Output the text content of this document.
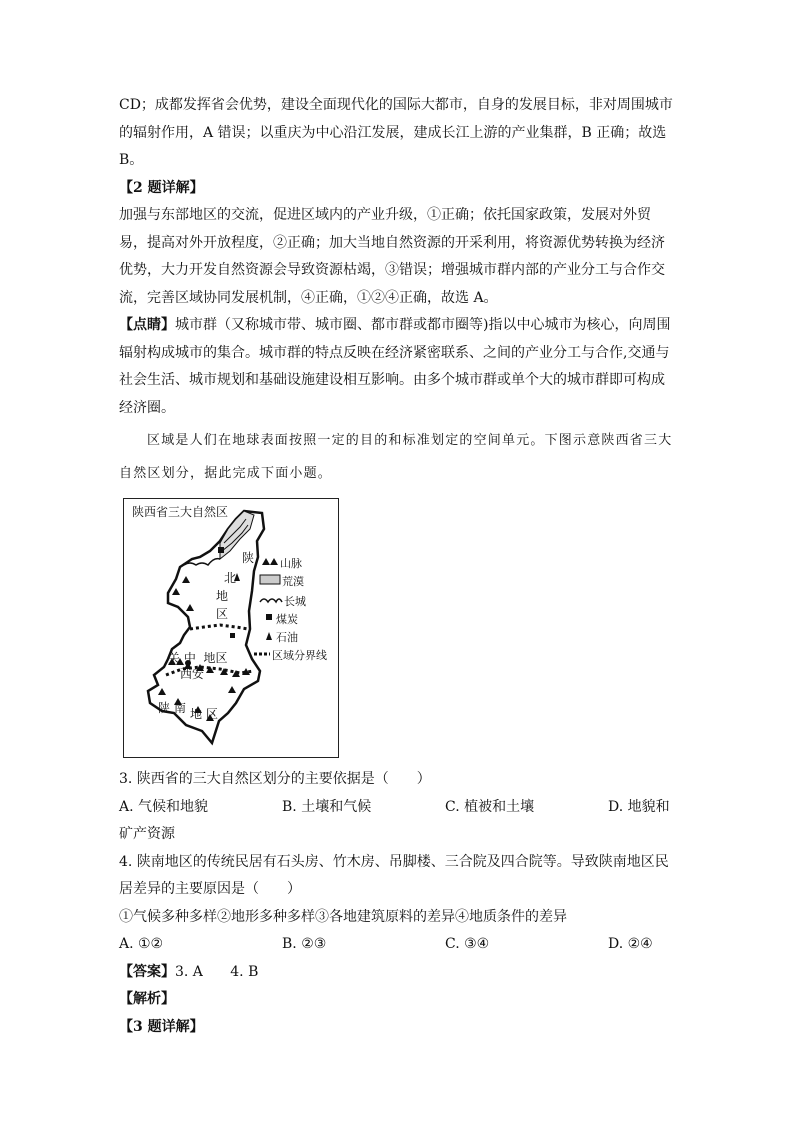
CD；成都发挥省会优势，建设全面现代化的国际大都市，自身的发展目标，非对周围城市

的辐射作用，A 错误；以重庆为中心沿江发展，建成长江上游的产业集群，B 正确；故选

B。

【2 题详解】

加强与东部地区的交流，促进区域内的产业升级，①正确；依托国家政策，发展对外贸

易，提高对外开放程度，②正确；加大当地自然资源的开采利用，将资源优势转换为经济

优势，大力开发自然资源会导致资源枯竭，③错误；增强城市群内部的产业分工与合作交

流，完善区域协同发展机制，④正确，①②④正确，故选 A。

【点睛】城市群（又称城市带、城市圈、都市群或都市圈等)指以中心城市为核心，向周围

辐射构成城市的集合。城市群的特点反映在经济紧密联系、之间的产业分工与合作,交通与

社会生活、城市规划和基础设施建设相互影响。由多个城市群或单个大的城市群即可构成

经济圈。

区域是人们在地球表面按照一定的目的和标准划定的空间单元。下图示意陕西省三大

自然区划分，据此完成下面小题。

陕西省三大自然区
陕
北
地
区
关 中  地区
西安
陕 南 地 区
山脉
荒漠
长城
煤炭
石油
区域分界线

3. 陕西省的三大自然区划分的主要依据是（　　）

A. 气候和地貌	B. 土壤和气候	C. 植被和土壤	D. 地貌和

矿产资源

4. 陕南地区的传统民居有石头房、竹木房、吊脚楼、三合院及四合院等。导致陕南地区民

居差异的主要原因是（　　）

①气候多种多样②地形多种多样③各地建筑原料的差异④地质条件的差异

A. ①②	B. ②③	C. ③④	D. ②④

【答案】3. A　   4. B

【解析】

【3 题详解】
